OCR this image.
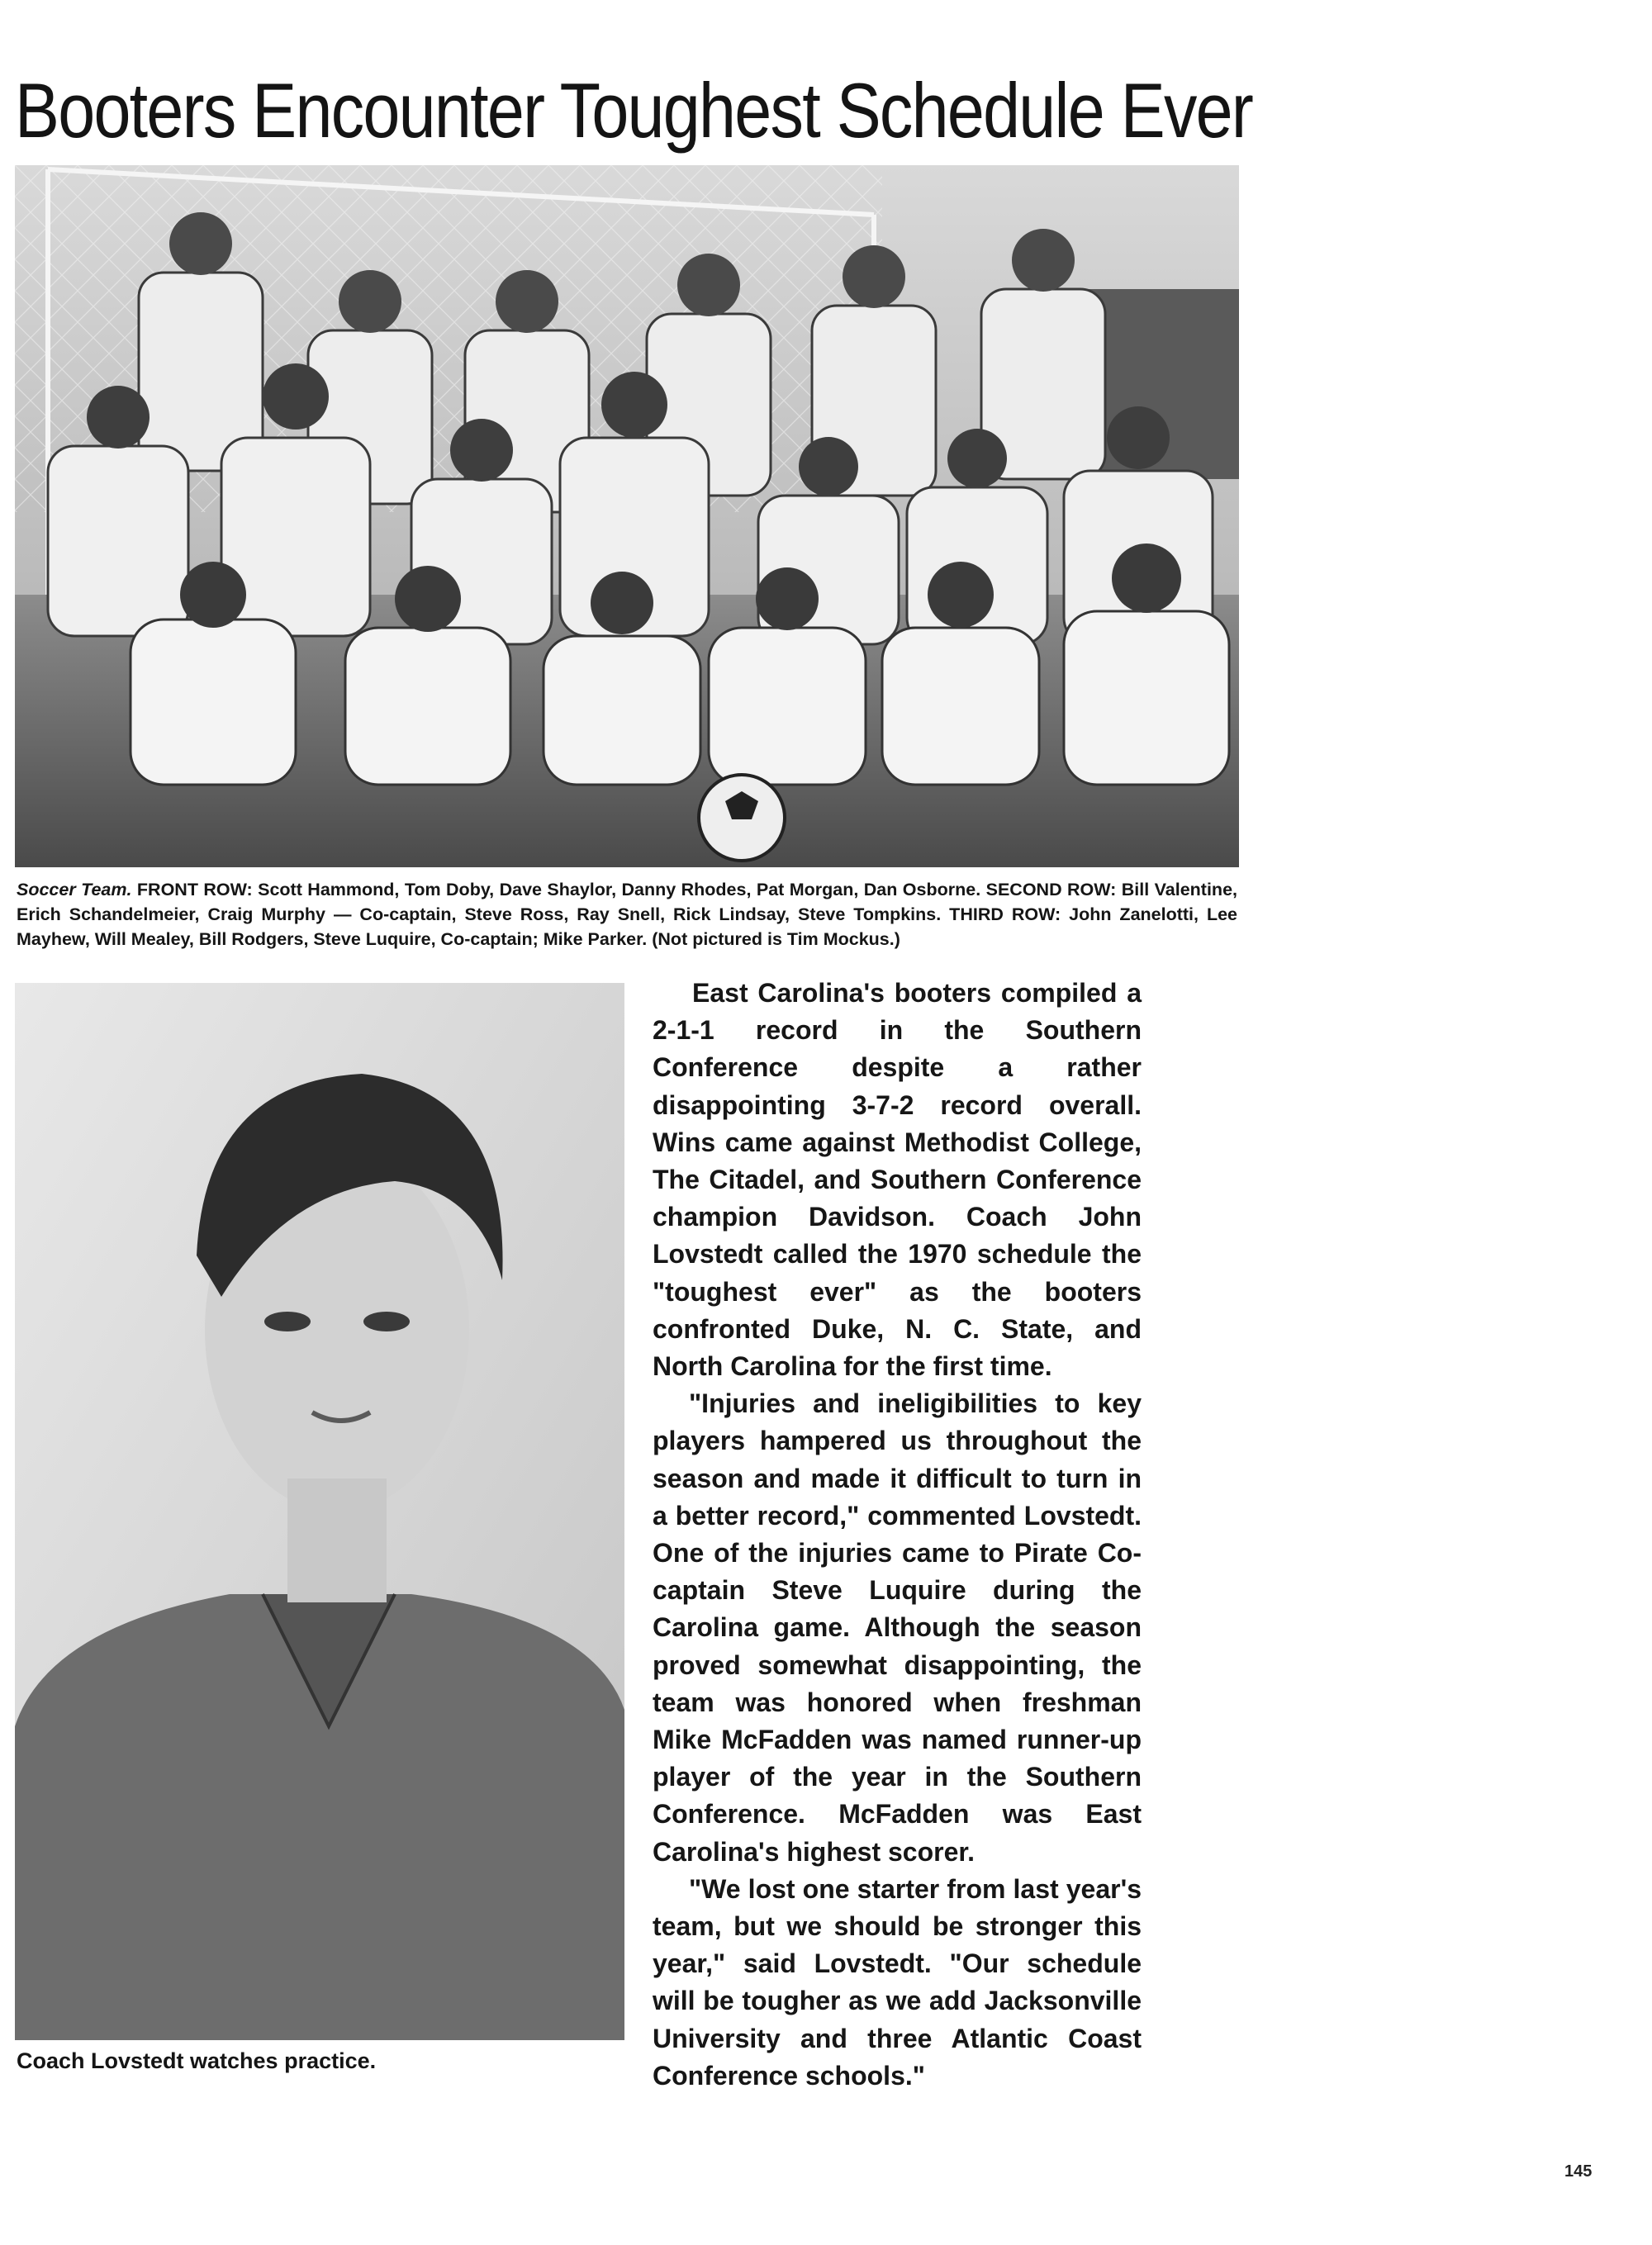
Booters Encounter Toughest Schedule Ever

Soccer Team. FRONT ROW: Scott Hammond, Tom Doby, Dave Shaylor, Danny Rhodes, Pat Morgan, Dan Osborne. SECOND ROW: Bill Valentine, Erich Schandelmeier, Craig Murphy — Co-captain, Steve Ross, Ray Snell, Rick Lindsay, Steve Tompkins. THIRD ROW: John Zanelotti, Lee Mayhew, Will Mealey, Bill Rodgers, Steve Luquire, Co-captain; Mike Parker. (Not pictured is Tim Mockus.)

Coach Lovstedt watches practice.

East Carolina's booters compiled a 2-1-1 record in the Southern Conference despite a rather disappointing 3-7-2 record overall. Wins came against Methodist College, The Citadel, and Southern Conference champion Davidson. Coach John Lovstedt called the 1970 schedule the "toughest ever" as the booters confronted Duke, N. C. State, and North Carolina for the first time.

"Injuries and ineligibilities to key players hampered us throughout the season and made it difficult to turn in a better record," commented Lovstedt. One of the injuries came to Pirate Co-captain Steve Luquire during the Carolina game. Although the season proved somewhat disappointing, the team was honored when freshman Mike McFadden was named runner-up player of the year in the Southern Conference. McFadden was East Carolina's highest scorer.

"We lost one starter from last year's team, but we should be stronger this year," said Lovstedt. "Our schedule will be tougher as we add Jacksonville University and three Atlantic Coast Conference schools."

145
